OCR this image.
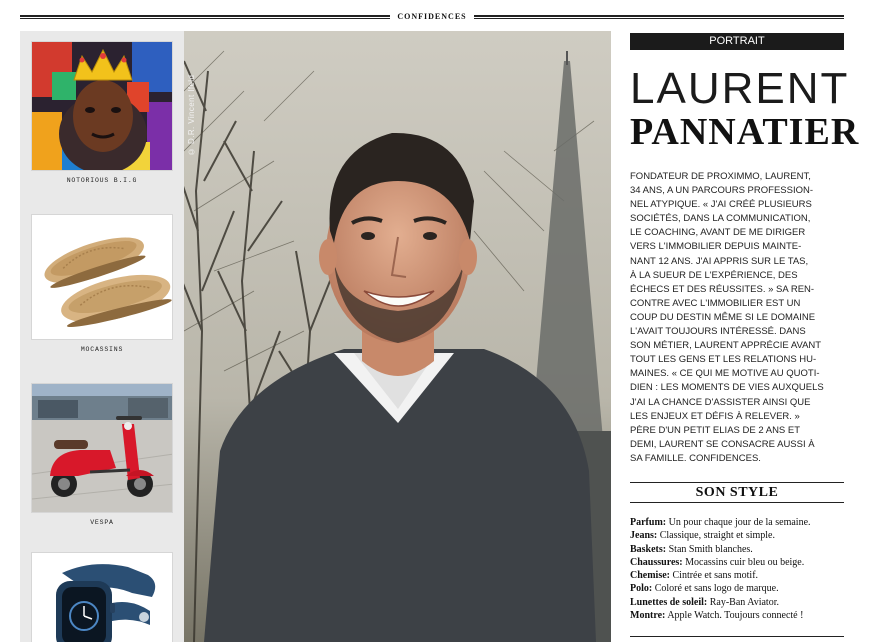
CONFIDENCES
NOTORIOUS B.I.G
MOCASSINS
VESPA
© D.R. Vincent Ifeld
PORTRAIT
LAURENT
PANNATIER
FONDATEUR DE PROXIMMO, LAURENT,
34 ANS, A UN PARCOURS PROFESSION-
NEL ATYPIQUE. « J'AI CRÉÉ PLUSIEURS
SOCIÉTÉS, DANS LA COMMUNICATION,
LE COACHING, AVANT DE ME DIRIGER
VERS L'IMMOBILIER DEPUIS MAINTE-
NANT 12 ANS. J'AI APPRIS SUR LE TAS,
À LA SUEUR DE L'EXPÉRIENCE, DES
ÉCHECS ET DES RÉUSSITES. » SA REN-
CONTRE AVEC L'IMMOBILIER EST UN
COUP DU DESTIN MÊME SI LE DOMAINE
L'AVAIT TOUJOURS INTÉRESSÉ. DANS
SON MÉTIER, LAURENT APPRÉCIE AVANT
TOUT LES GENS ET LES RELATIONS HU-
MAINES. « CE QUI ME MOTIVE AU QUOTI-
DIEN : LES MOMENTS DE VIES AUXQUELS
J'AI LA CHANCE D'ASSISTER AINSI QUE
LES ENJEUX ET DÉFIS À RELEVER. »
PÈRE D'UN PETIT ELIAS DE 2 ANS ET
DEMI, LAURENT SE CONSACRE AUSSI À
SA FAMILLE. CONFIDENCES.
SON STYLE
Parfum: Un pour chaque jour de la semaine.
Jeans: Classique, straight et simple.
Baskets: Stan Smith blanches.
Chaussures: Mocassins cuir bleu ou beige.
Chemise: Cintrée et sans motif.
Polo: Coloré et sans logo de marque.
Lunettes de soleil: Ray-Ban Aviator.
Montre: Apple Watch. Toujours connecté !
